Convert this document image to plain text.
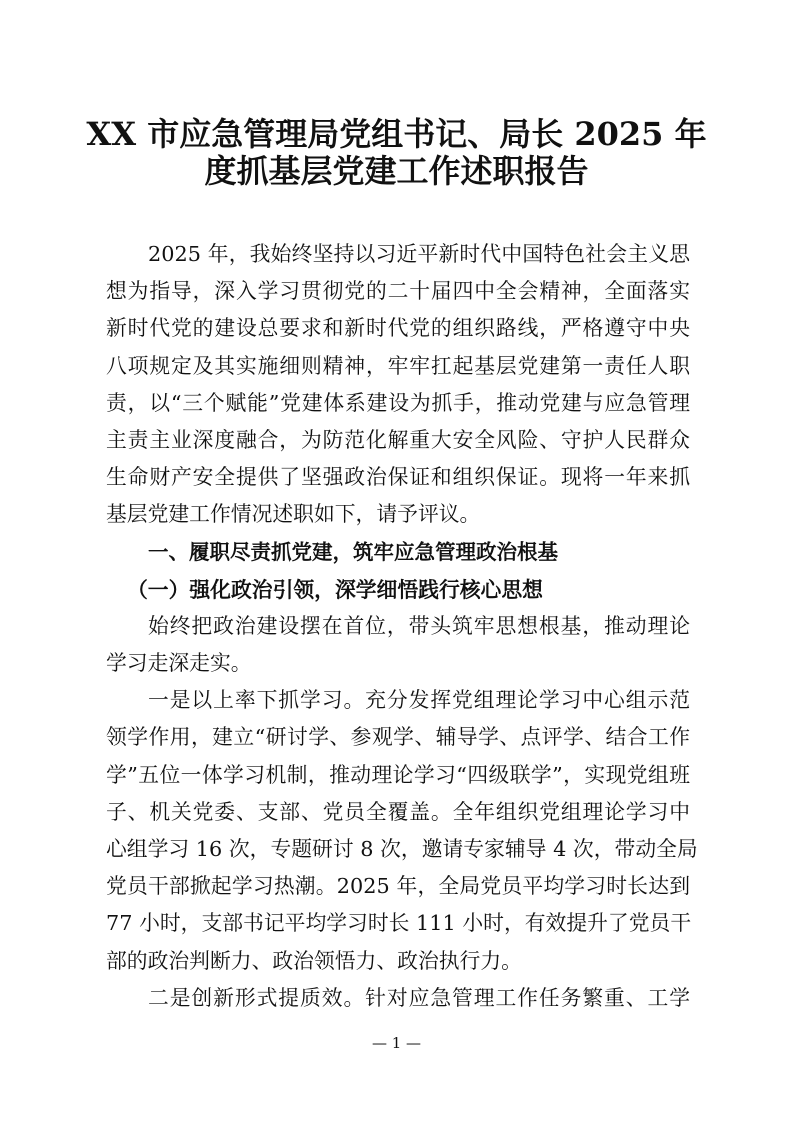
XX 市应急管理局党组书记、局长 2025 年
度抓基层党建工作述职报告
2025 年，我始终坚持以习近平新时代中国特色社会主义思
想为指导，深入学习贯彻党的二十届四中全会精神，全面落实
新时代党的建设总要求和新时代党的组织路线，严格遵守中央
八项规定及其实施细则精神，牢牢扛起基层党建第一责任人职
责，以“三个赋能”党建体系建设为抓手，推动党建与应急管理
主责主业深度融合，为防范化解重大安全风险、守护人民群众
生命财产安全提供了坚强政治保证和组织保证。现将一年来抓
基层党建工作情况述职如下，请予评议。
一、履职尽责抓党建，筑牢应急管理政治根基
（一）强化政治引领，深学细悟践行核心思想
始终把政治建设摆在首位，带头筑牢思想根基，推动理论
学习走深走实。
一是以上率下抓学习。充分发挥党组理论学习中心组示范
领学作用，建立“研讨学、参观学、辅导学、点评学、结合工作
学”五位一体学习机制，推动理论学习“四级联学”，实现党组班
子、机关党委、支部、党员全覆盖。全年组织党组理论学习中
心组学习 16 次，专题研讨 8 次，邀请专家辅导 4 次，带动全局
党员干部掀起学习热潮。2025 年，全局党员平均学习时长达到
77 小时，支部书记平均学习时长 111 小时，有效提升了党员干
部的政治判断力、政治领悟力、政治执行力。
二是创新形式提质效。针对应急管理工作任务繁重、工学
— 1 —
